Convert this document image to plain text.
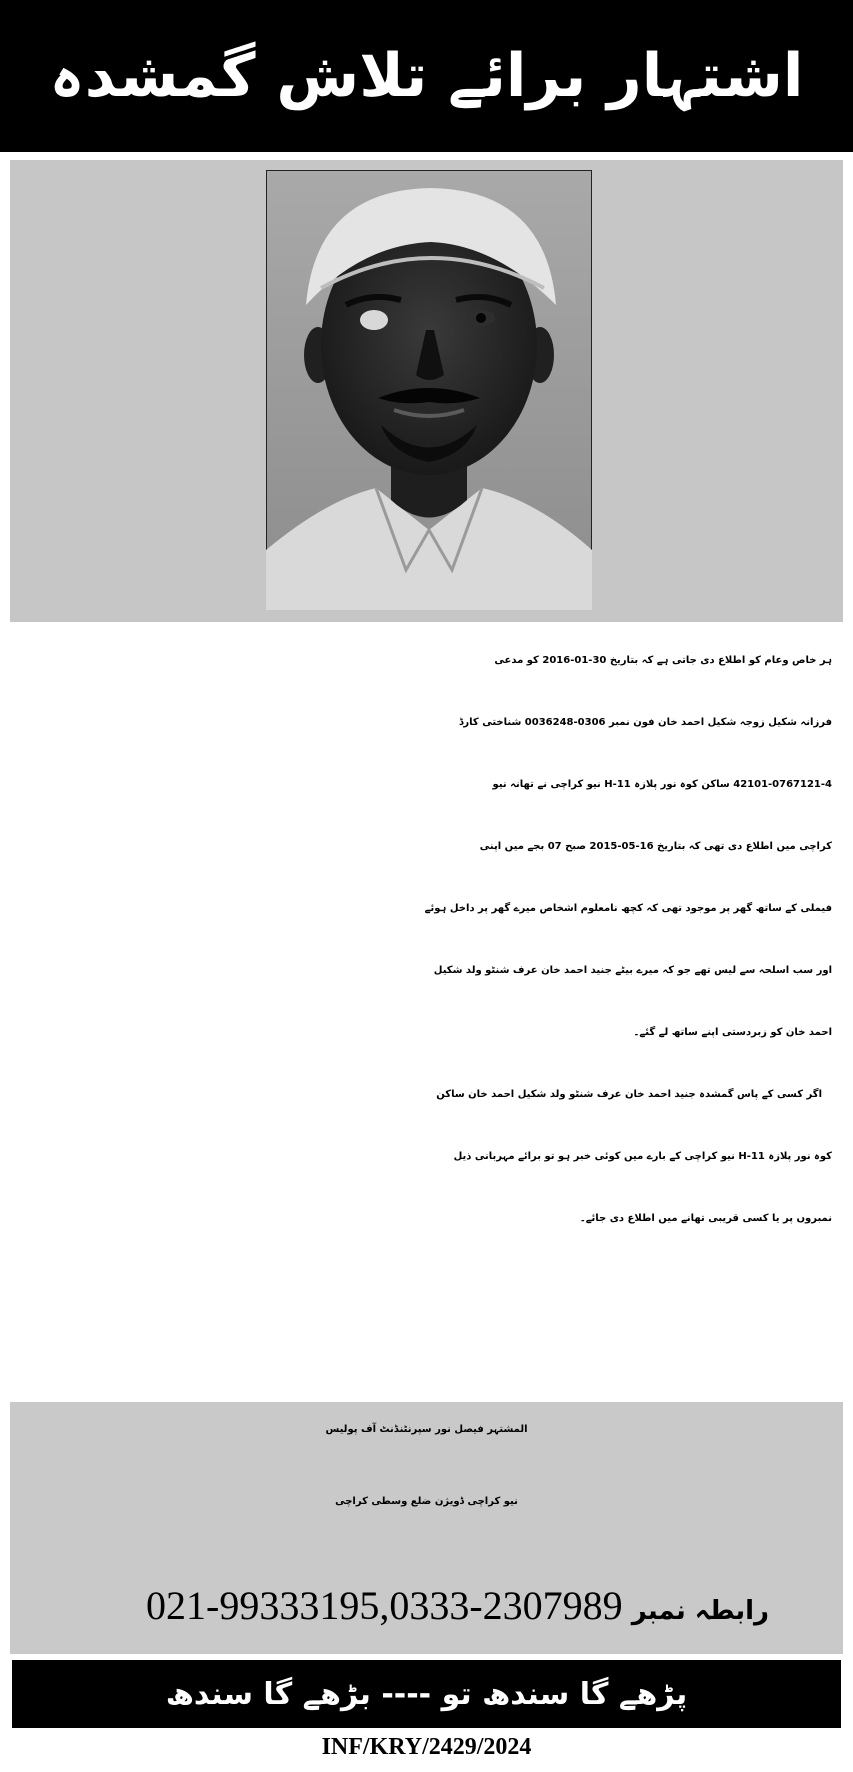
اشتہار برائے تلاش گمشدہ
ہر خاص وعام کو اطلاع دی جاتی ہے کہ بتاریخ 30-01-2016 کو مدعی
فرزانہ شکیل زوجہ شکیل احمد خان فون نمبر 0306-0036248 شناختی کارڈ
42101-0767121-4 ساکن کوہ نور پلازہ H-11 نیو کراچی نے تھانہ نیو
کراچی میں اطلاع دی تھی کہ بتاریخ 16-05-2015 صبح 07 بجے میں اپنی
فیملی کے ساتھ گھر پر موجود تھی کہ کچھ نامعلوم اشخاص میرے گھر پر داخل ہوئے
اور سب اسلحہ سے لیس تھے جو کہ میرے بیٹے جنید احمد خان عرف شنٹو ولد شکیل
احمد خان کو زبردستی اپنے ساتھ لے گئے۔
اگر کسی کے پاس گمشدہ جنید احمد خان عرف شنٹو ولد شکیل احمد خان ساکن
کوہ نور پلازہ H-11 نیو کراچی کے بارے میں کوئی خبر ہو تو برائے مہربانی ذیل
نمبروں پر یا کسی قریبی تھانے میں اطلاع دی جائے۔
المشتہر فیصل نور سپرنٹنڈنٹ آف پولیس
نیو کراچی ڈویژن ضلع وسطی کراچی
رابطہ نمبر 021-99333195,0333-2307989
پڑھے گا سندھ تو ---- بڑھے گا سندھ
INF/KRY/2429/2024
